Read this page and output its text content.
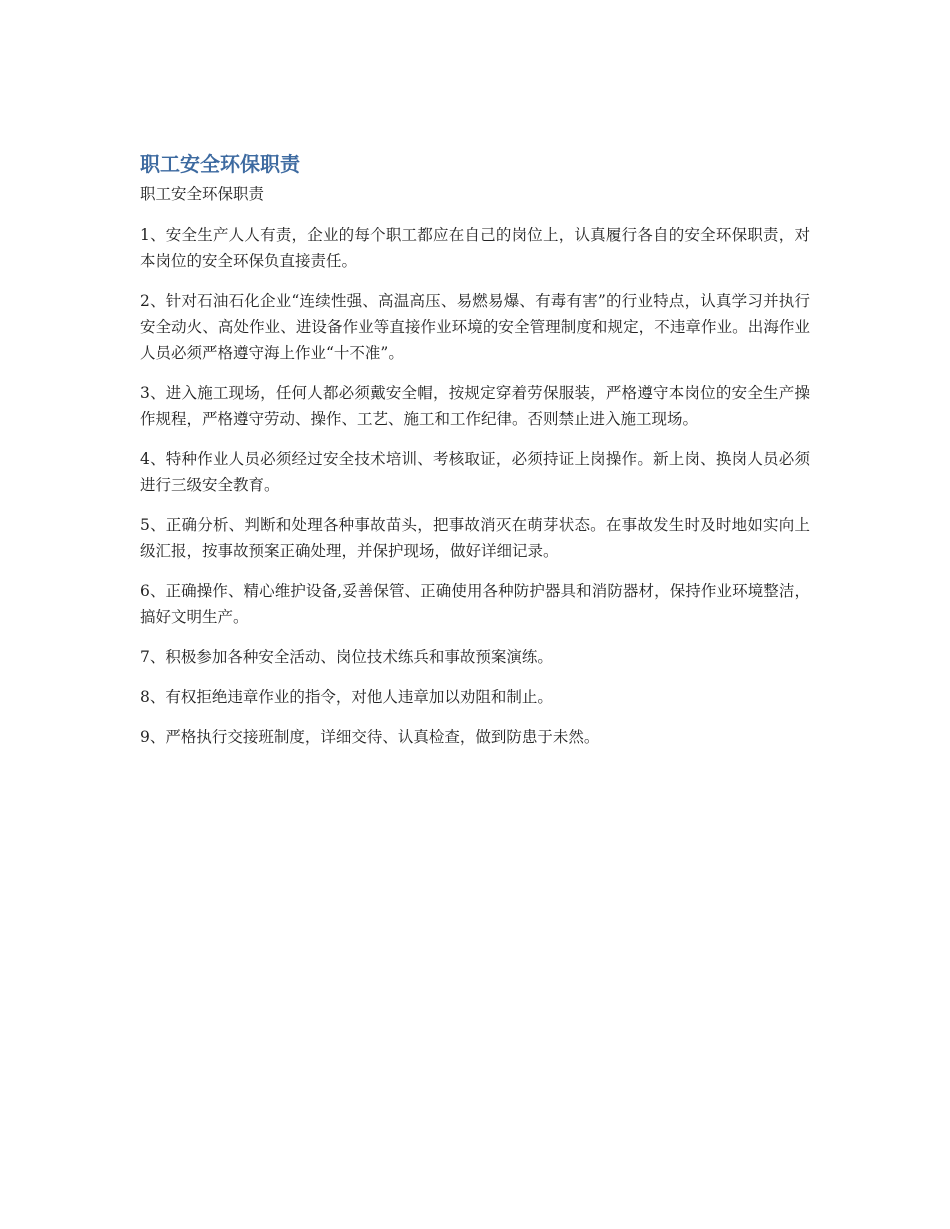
职工安全环保职责
职工安全环保职责

1、安全生产人人有责，企业的每个职工都应在自己的岗位上，认真履行各自的安全环保职责，对本岗位的安全环保负直接责任。

2、针对石油石化企业“连续性强、高温高压、易燃易爆、有毒有害”的行业特点，认真学习并执行安全动火、高处作业、进设备作业等直接作业环境的安全管理制度和规定，不违章作业。出海作业人员必须严格遵守海上作业“十不准”。

3、进入施工现场，任何人都必须戴安全帽，按规定穿着劳保服装，严格遵守本岗位的安全生产操作规程，严格遵守劳动、操作、工艺、施工和工作纪律。否则禁止进入施工现场。

4、特种作业人员必须经过安全技术培训、考核取证，必须持证上岗操作。新上岗、换岗人员必须进行三级安全教育。

5、正确分析、判断和处理各种事故苗头，把事故消灭在萌芽状态。在事故发生时及时地如实向上级汇报，按事故预案正确处理，并保护现场，做好详细记录。

6、正确操作、精心维护设备,妥善保管、正确使用各种防护器具和消防器材，保持作业环境整洁，搞好文明生产。

7、积极参加各种安全活动、岗位技术练兵和事故预案演练。

8、有权拒绝违章作业的指令，对他人违章加以劝阻和制止。

9、严格执行交接班制度，详细交待、认真检查，做到防患于未然。
